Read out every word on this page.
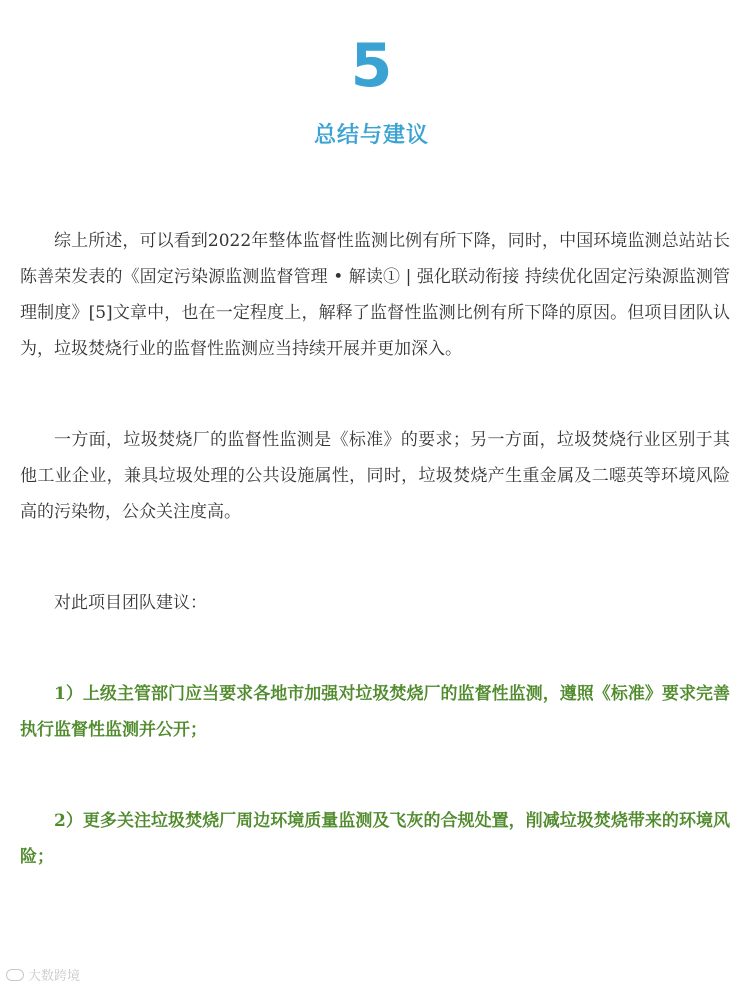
5
总结与建议

综上所述，可以看到2022年整体监督性监测比例有所下降，同时，中国环境监测总站站长陈善荣发表的《固定污染源监测监督管理 • 解读① | 强化联动衔接 持续优化固定污染源监测管理制度》[5]文章中，也在一定程度上，解释了监督性监测比例有所下降的原因。但项目团队认为，垃圾焚烧行业的监督性监测应当持续开展并更加深入。

一方面，垃圾焚烧厂的监督性监测是《标准》的要求；另一方面，垃圾焚烧行业区别于其他工业企业，兼具垃圾处理的公共设施属性，同时，垃圾焚烧产生重金属及二噁英等环境风险高的污染物，公众关注度高。

对此项目团队建议：

1）上级主管部门应当要求各地市加强对垃圾焚烧厂的监督性监测，遵照《标准》要求完善执行监督性监测并公开；

2）更多关注垃圾焚烧厂周边环境质量监测及飞灰的合规处置，削减垃圾焚烧带来的环境风险；

大数跨境
